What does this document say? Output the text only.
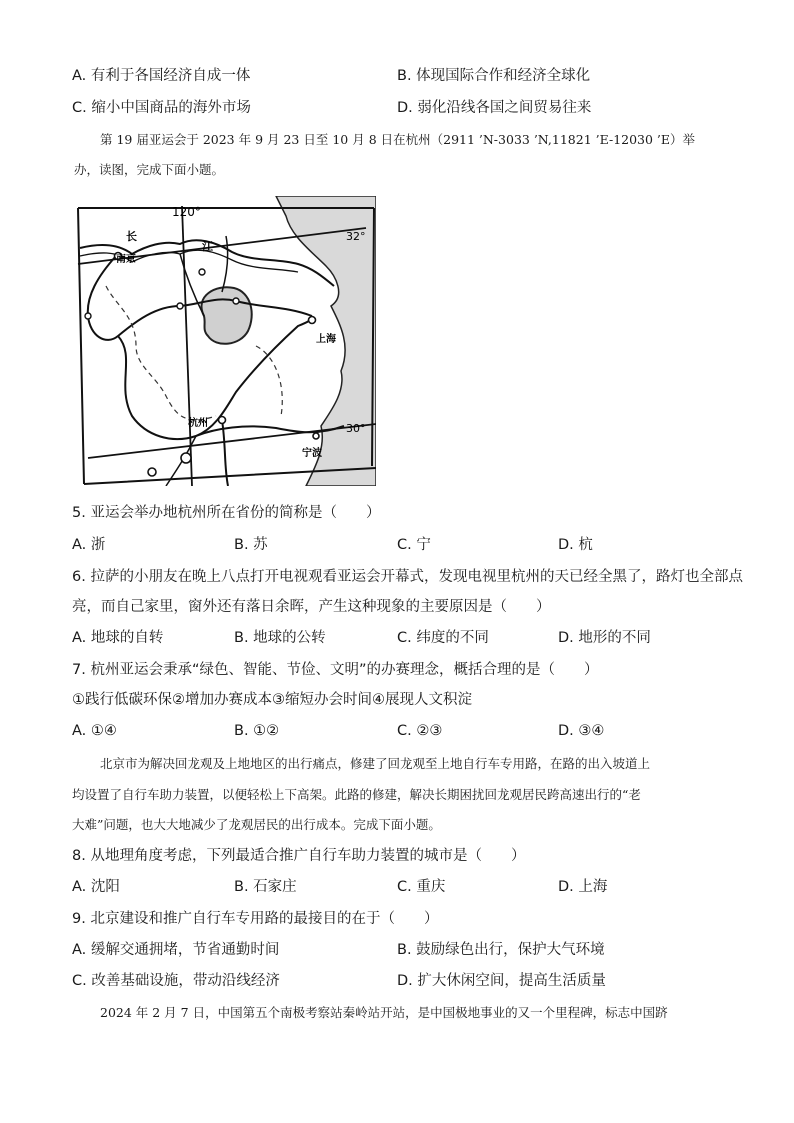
A. 有利于各国经济自成一体	B. 体现国际合作和经济全球化
C. 缩小中国商品的海外市场	D. 弱化沿线各国之间贸易往来
第 19 届亚运会于 2023 年 9 月 23 日至 10 月 8 日在杭州（2911 ’N-3033 ’N,11821 ’E-12030 ’E）举
办，读图，完成下面小题。
120°
32°
30°
长
江
南京
上海
杭州
宁波
5. 亚运会举办地杭州所在省份的简称是（　　）
A. 浙	B. 苏	C. 宁	D. 杭
6. 拉萨的小朋友在晚上八点打开电视观看亚运会开幕式，发现电视里杭州的天已经全黑了，路灯也全部点
亮，而自己家里，窗外还有落日余晖，产生这种现象的主要原因是（　　）
A. 地球的自转	B. 地球的公转	C. 纬度的不同	D. 地形的不同
7. 杭州亚运会秉承“绿色、智能、节俭、文明”的办赛理念，概括合理的是（　　）
①践行低碳环保②增加办赛成本③缩短办会时间④展现人文积淀
A. ①④	B. ①②	C. ②③	D. ③④
北京市为解决回龙观及上地地区的出行痛点，修建了回龙观至上地自行车专用路，在路的出入坡道上
均设置了自行车助力装置，以便轻松上下高架。此路的修建，解决长期困扰回龙观居民跨高速出行的“老
大难”问题，也大大地减少了龙观居民的出行成本。完成下面小题。
8. 从地理角度考虑，下列最适合推广自行车助力装置的城市是（　　）
A. 沈阳	B. 石家庄	C. 重庆	D. 上海
9. 北京建设和推广自行车专用路的最接目的在于（　　）
A. 缓解交通拥堵，节省通勤时间	B. 鼓励绿色出行，保护大气环境
C. 改善基础设施，带动沿线经济	D. 扩大休闲空间，提高生活质量
2024 年 2 月 7 日，中国第五个南极考察站秦岭站开站，是中国极地事业的又一个里程碑，标志中国跻
